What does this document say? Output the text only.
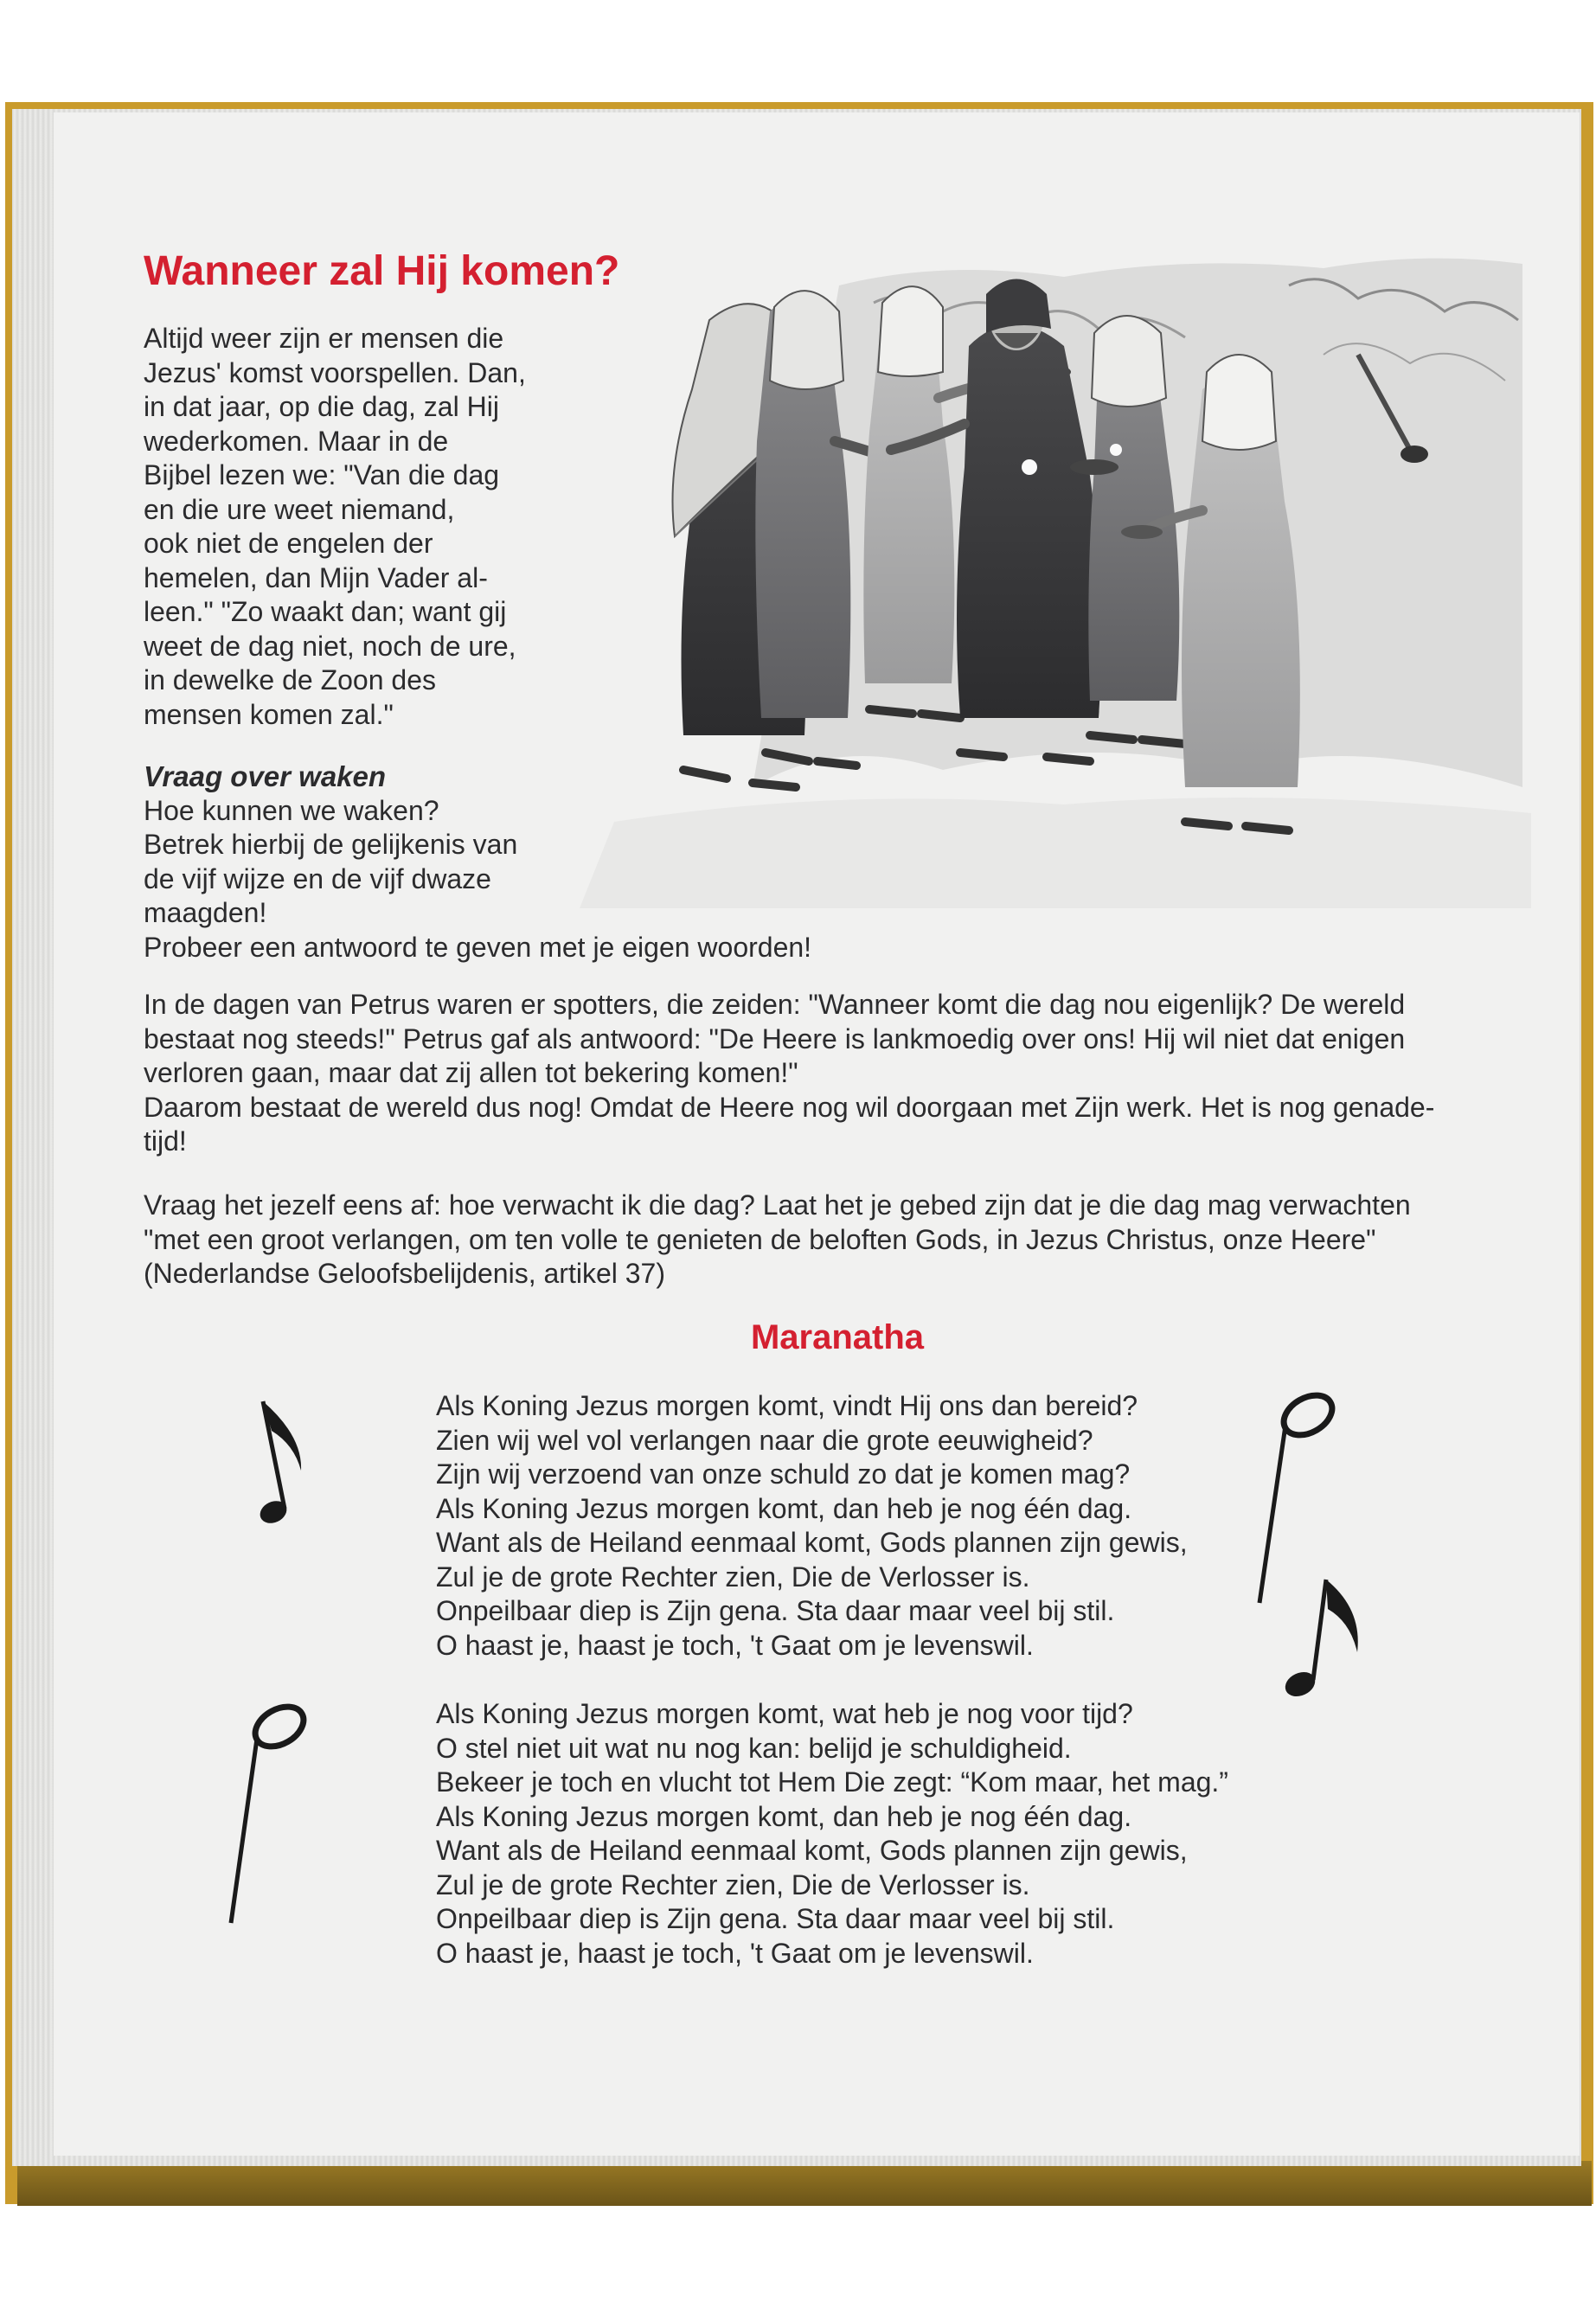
Wanneer zal Hij komen?
Altijd weer zijn er mensen die
Jezus' komst voorspellen. Dan,
in dat jaar, op die dag, zal Hij
wederkomen. Maar in de
Bijbel lezen we: "Van die dag
en die ure weet niemand,
ook niet de engelen der
hemelen, dan Mijn Vader al-
leen." "Zo waakt dan; want gij
weet de dag niet, noch de ure,
in dewelke de Zoon des
mensen komen zal."
Vraag over waken
Hoe kunnen we waken?
Betrek hierbij de gelijkenis van
de vijf wijze en de vijf dwaze
maagden!
Probeer een antwoord te geven met je eigen woorden!

In de dagen van Petrus waren er spotters, die zeiden: "Wanneer komt die dag nou eigenlijk? De wereld

bestaat nog steeds!" Petrus gaf als antwoord: "De Heere is lankmoedig over ons! Hij wil niet dat enigen

verloren gaan, maar dat zij allen tot bekering komen!"

Daarom bestaat de wereld dus nog! Omdat de Heere nog wil doorgaan met Zijn werk. Het is nog genade-

tijd!

Vraag het jezelf eens af: hoe verwacht ik die dag? Laat het je gebed zijn dat je die dag mag verwachten

"met een groot verlangen, om ten volle te genieten de beloften Gods, in Jezus Christus, onze Heere"

(Nederlandse Geloofsbelijdenis, artikel 37)

Maranatha
Als Koning Jezus morgen komt, vindt Hij ons dan bereid?
Zien wij wel vol verlangen naar die grote eeuwigheid?
Zijn wij verzoend van onze schuld zo dat je komen mag?
Als Koning Jezus morgen komt, dan heb je nog één dag.
Want als de Heiland eenmaal komt, Gods plannen zijn gewis,
Zul je de grote Rechter zien, Die de Verlosser is.
Onpeilbaar diep is Zijn gena. Sta daar maar veel bij stil.
O haast je, haast je toch, 't Gaat om je levenswil.
Als Koning Jezus morgen komt, wat heb je nog voor tijd?
O stel niet uit wat nu nog kan: belijd je schuldigheid.
Bekeer je toch en vlucht tot Hem Die zegt: “Kom maar, het mag.”
Als Koning Jezus morgen komt, dan heb je nog één dag.
Want als de Heiland eenmaal komt, Gods plannen zijn gewis,
Zul je de grote Rechter zien, Die de Verlosser is.
Onpeilbaar diep is Zijn gena. Sta daar maar veel bij stil.
O haast je, haast je toch, 't Gaat om je levenswil.
